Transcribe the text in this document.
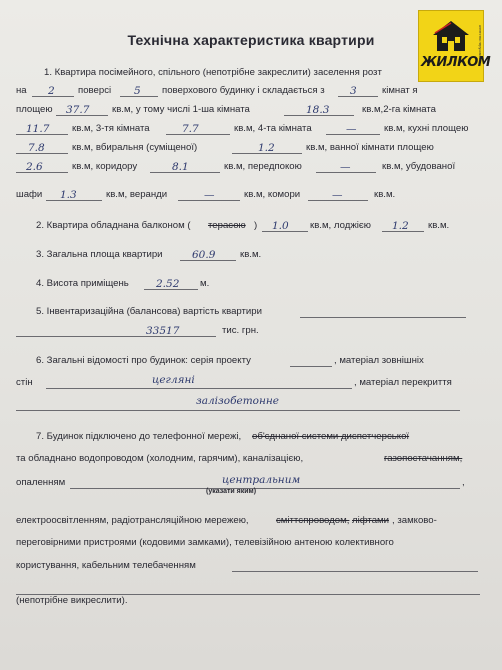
ЖИЛКОМ
агентство нерухомості
Технічна характеристика квартири
1. Квартира посімейного, спільного (непотрібне закреслити) заселення розт
на 2 поверсі 5 поверхового будинку і складається з 3	кімнат я
площею 37.7 кв.м, у тому числі 1-ша кімната	18.3	кв.м,2-га кімната
11.7 кв.м, 3-тя кімната	7.7	кв.м, 4-та кімната	—	кв.м, кухні площею
7.8	кв.м, вбиральня (суміщеної)	1.2	кв.м, ванної кімнати площею
2.6	кв.м, коридору	8.1	кв.м, передпокою	—	кв.м, убудованої
шафи 1.3	кв.м, веранди	—	кв.м, комори	—	кв.м.
2. Квартира обладнана балконом ( терасою ) 1.0 кв.м, лоджією 1.2 кв.м.
3. Загальна площа квартири	60.9	кв.м.
4. Висота приміщень	2.52 м.
5. Інвентаризаційна (балансова) вартість квартири
33517	тис. грн.
6. Загальні відомості про будинок: серія проекту	, матеріал зовнішніх
стін	цегляні	, матеріал перекриття
залізобетонне
7. Будинок підключено до телефонної мережі, об'єднаної системи диспетчерської
та обладнано водопроводом (холодним, гарячим), каналізацією,	газопостачанням,
опаленням	центральним	,
(указати яким)
електроосвітленням, радіотрансляційною мережею,	сміттєпроводом, ліфтами , замково-
переговірними пристроями (кодовими замками), телевізійною антеною колективного
користування, кабельним телебаченням
(непотрібне викреслити).
